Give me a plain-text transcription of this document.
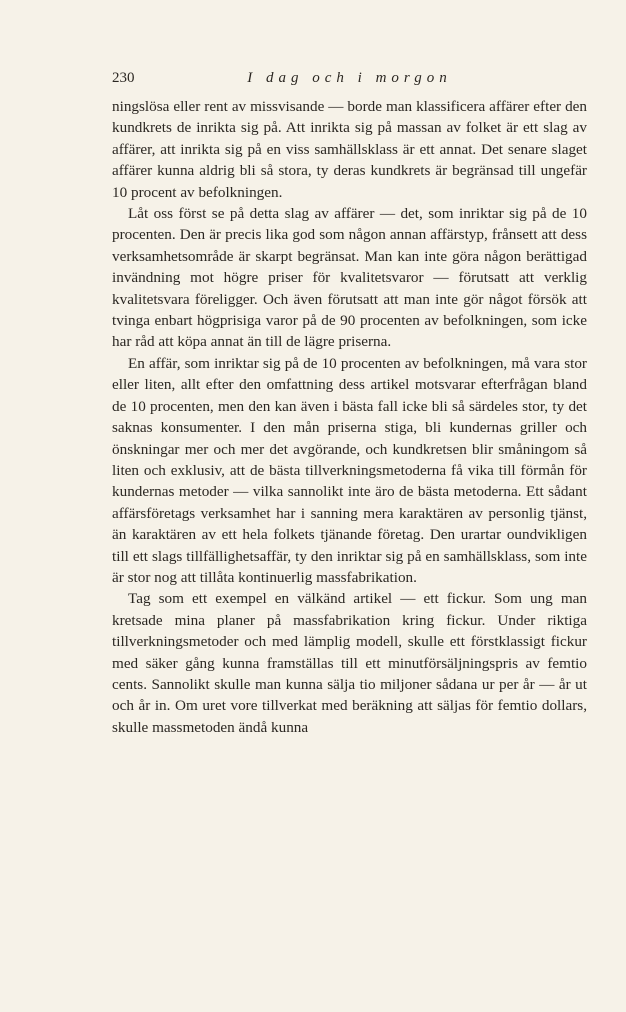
230	I dag och i morgon

ningslösa eller rent av missvisande — borde man klassificera affärer efter den kundkrets de inrikta sig på. Att inrikta sig på massan av folket är ett slag av affärer, att inrikta sig på en viss samhällsklass är ett annat. Det senare slaget affärer kunna aldrig bli så stora, ty deras kundkrets är begränsad till ungefär 10 procent av befolkningen.

Låt oss först se på detta slag av affärer — det, som inriktar sig på de 10 procenten. Den är precis lika god som någon annan affärstyp, frånsett att dess verksamhetsområde är skarpt begränsat. Man kan inte göra någon berättigad invändning mot högre priser för kvalitetsvaror — förutsatt att verklig kvalitetsvara föreligger. Och även förutsatt att man inte gör något försök att tvinga enbart högprisiga varor på de 90 procenten av befolkningen, som icke har råd att köpa annat än till de lägre priserna.

En affär, som inriktar sig på de 10 procenten av befolkningen, må vara stor eller liten, allt efter den omfattning dess artikel motsvarar efterfrågan bland de 10 procenten, men den kan även i bästa fall icke bli så särdeles stor, ty det saknas konsumenter. I den mån priserna stiga, bli kundernas griller och önskningar mer och mer det avgörande, och kundkretsen blir småningom så liten och exklusiv, att de bästa tillverkningsmetoderna få vika till förmån för kundernas metoder — vilka sannolikt inte äro de bästa metoderna. Ett sådant affärsföretags verksamhet har i sanning mera karaktären av personlig tjänst, än karaktären av ett hela folkets tjänande företag. Den urartar oundvikligen till ett slags tillfällighetsaffär, ty den inriktar sig på en samhällsklass, som inte är stor nog att tillåta kontinuerlig massfabrikation.

Tag som ett exempel en välkänd artikel — ett fickur. Som ung man kretsade mina planer på massfabrikation kring fickur. Under riktiga tillverkningsmetoder och med lämplig modell, skulle ett förstklassigt fickur med säker gång kunna framställas till ett minutförsäljningspris av femtio cents. Sannolikt skulle man kunna sälja tio miljoner sådana ur per år — år ut och år in. Om uret vore tillverkat med beräkning att säljas för femtio dollars, skulle massmetoden ändå kunna
